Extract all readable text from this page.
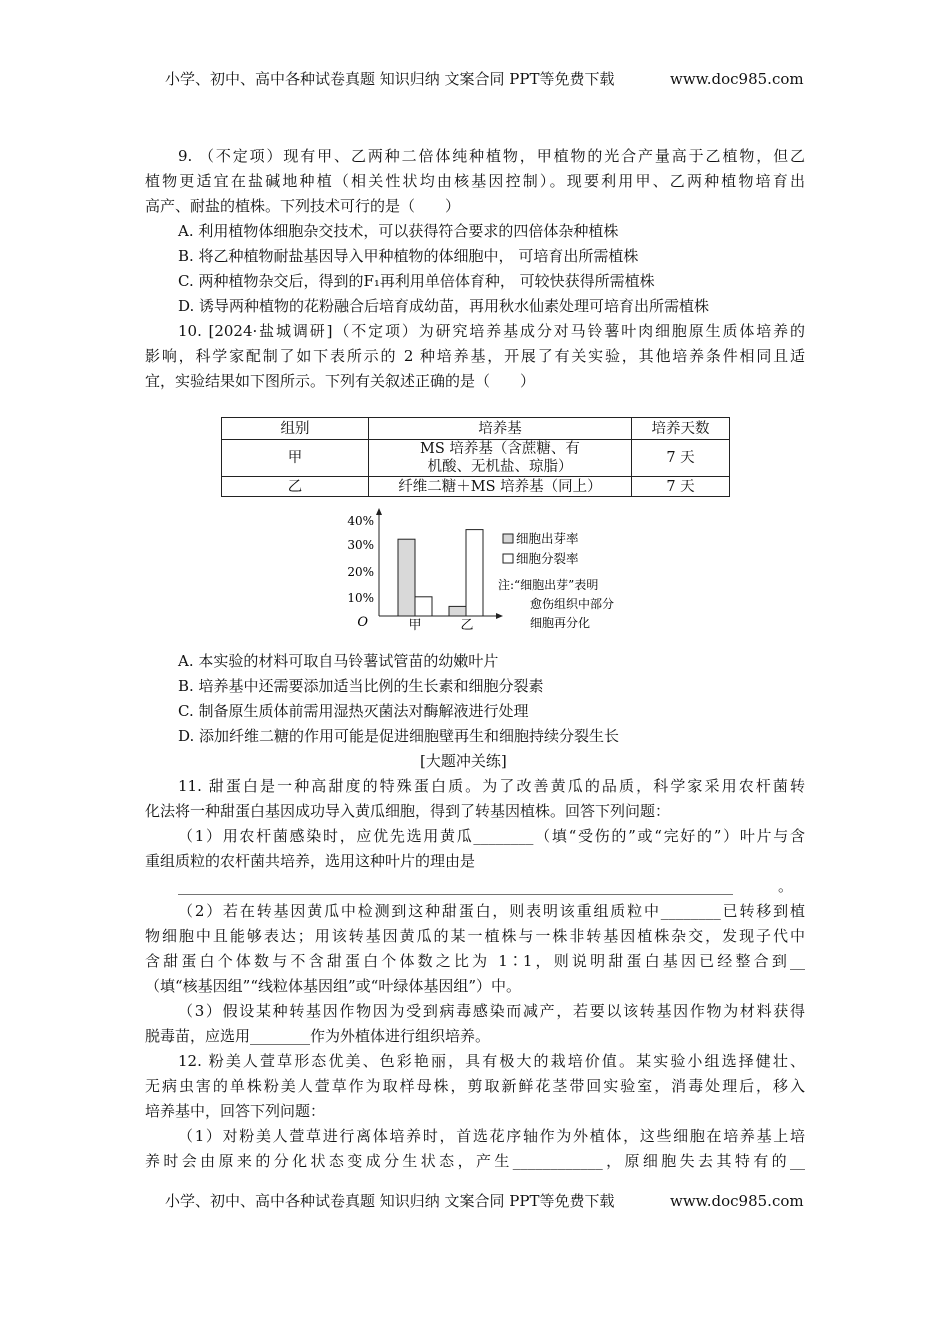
小学、初中、高中各种试卷真题 知识归纳 文案合同 PPT等免费下载	www.doc985.com
9. （不定项）现有甲、乙两种二倍体纯种植物，甲植物的光合产量高于乙植物，但乙
植物更适宜在盐碱地种植（相关性状均由核基因控制）。现要利用甲、乙两种植物培育出
高产、耐盐的植株。下列技术可行的是（　　）
A. 利用植物体细胞杂交技术，可以获得符合要求的四倍体杂种植株
B. 将乙种植物耐盐基因导入甲种植物的体细胞中， 可培育出所需植株
C. 两种植物杂交后，得到的F₁再利用单倍体育种， 可较快获得所需植株
D. 诱导两种植物的花粉融合后培育成幼苗，再用秋水仙素处理可培育出所需植株
10. [2024·盐城调研]（不定项）为研究培养基成分对马铃薯叶肉细胞原生质体培养的
影响，科学家配制了如下表所示的 2 种培养基，开展了有关实验，其他培养条件相同且适
宜，实验结果如下图所示。下列有关叙述正确的是（　　）
组别	培养基	培养天数
甲	MS 培养基（含蔗糖、有机酸、无机盐、琼脂）	7 天
乙	纤维二糖＋MS 培养基（同上）	7 天
O	甲	乙
10%
20%
30%
40%
细胞出芽率
细胞分裂率
注:“细胞出芽”表明
愈伤组织中部分
细胞再分化
A. 本实验的材料可取自马铃薯试管苗的幼嫩叶片
B. 培养基中还需要添加适当比例的生长素和细胞分裂素
C. 制备原生质体前需用湿热灭菌法对酶解液进行处理
D. 添加纤维二糖的作用可能是促进细胞壁再生和细胞持续分裂生长
[大题冲关练]
11. 甜蛋白是一种高甜度的特殊蛋白质。为了改善黄瓜的品质，科学家采用农杆菌转
化法将一种甜蛋白基因成功导入黄瓜细胞，得到了转基因植株。回答下列问题：
（1）用农杆菌感染时，应优先选用黄瓜________（填“受伤的”或“完好的”）叶片与含
重组质粒的农杆菌共培养，选用这种叶片的理由是
__________________________________________________________________________。
（2）若在转基因黄瓜中检测到这种甜蛋白，则表明该重组质粒中________已转移到植
物细胞中且能够表达；用该转基因黄瓜的某一植株与一株非转基因植株杂交，发现子代中
含甜蛋白个体数与不含甜蛋白个体数之比为 1∶1，则说明甜蛋白基因已经整合到__
（填“核基因组”“线粒体基因组”或“叶绿体基因组”）中。
（3）假设某种转基因作物因为受到病毒感染而减产，若要以该转基因作物为材料获得
脱毒苗，应选用________作为外植体进行组织培养。
12. 粉美人萱草形态优美、色彩艳丽，具有极大的栽培价值。某实验小组选择健壮、
无病虫害的单株粉美人萱草作为取样母株，剪取新鲜花茎带回实验室，消毒处理后，移入
培养基中，回答下列问题：
（1）对粉美人萱草进行离体培养时，首选花序轴作为外植体，这些细胞在培养基上培
养时会由原来的分化状态变成分生状态，产生____________，原细胞失去其特有的__
小学、初中、高中各种试卷真题 知识归纳 文案合同 PPT等免费下载	www.doc985.com
